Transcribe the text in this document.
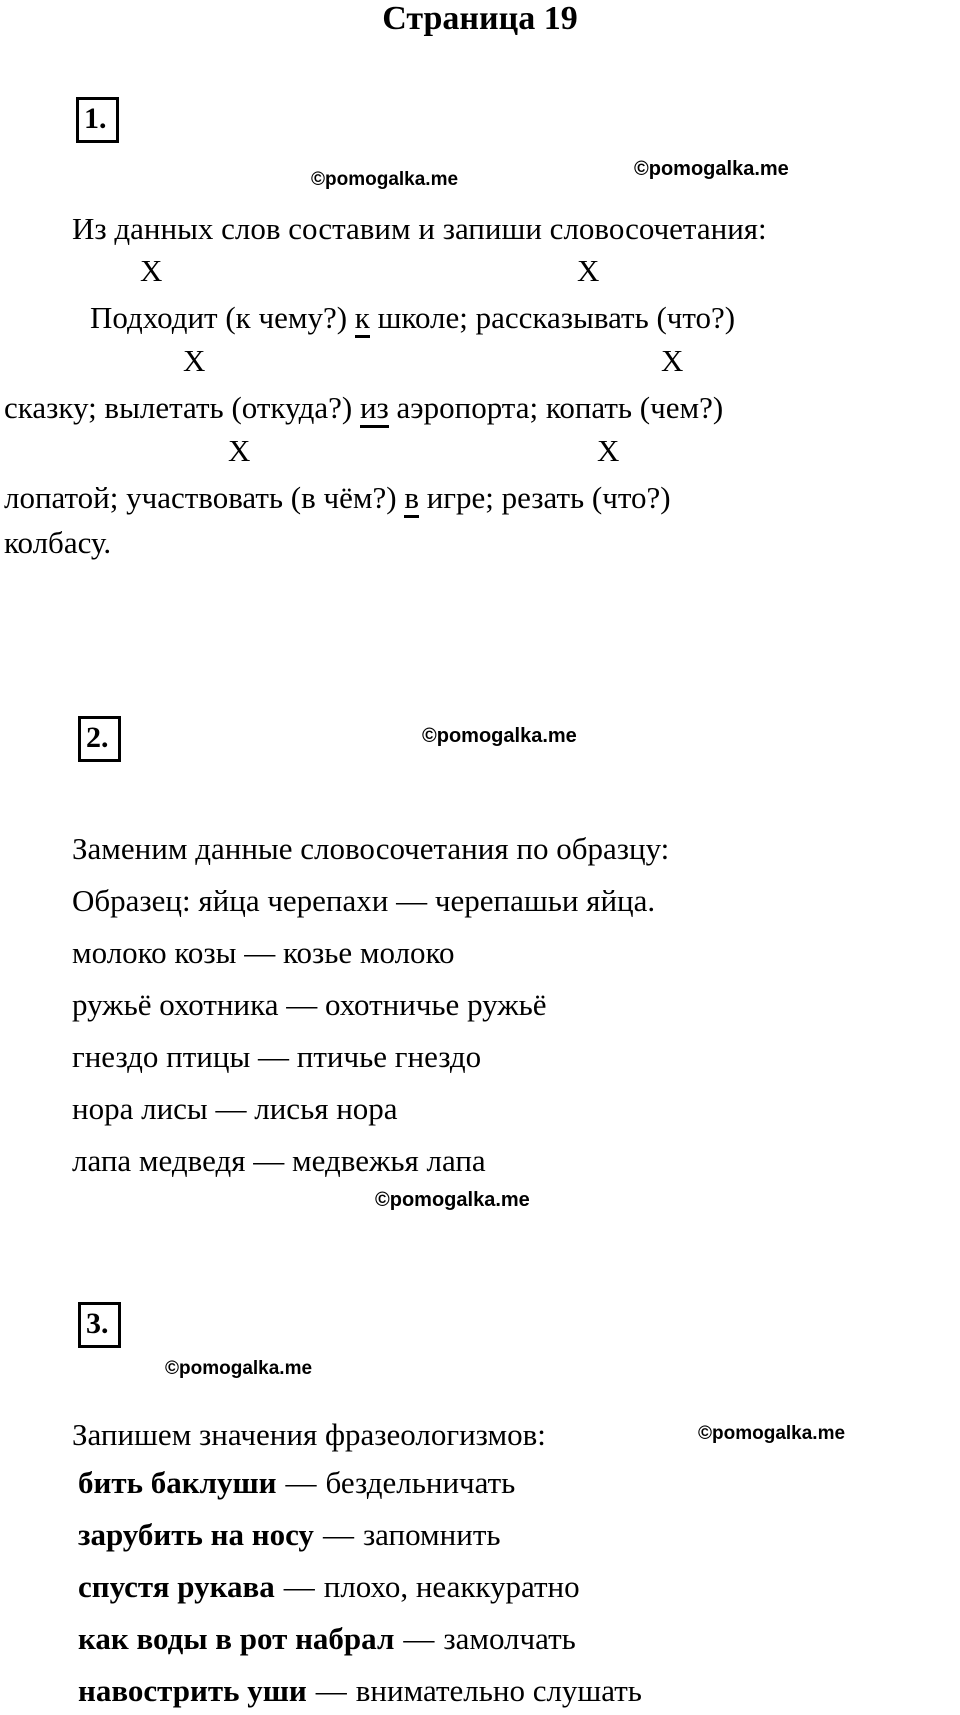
Страница 19
1.
©pomogalka.me	©pomogalka.me
Из данных слов составим и запиши словосочетания:
Х	Х
Подходит (к чему?) к школе; рассказывать (что?)
Х	Х
сказку; вылетать (откуда?) из аэропорта; копать (чем?)
Х	Х
лопатой; участвовать (в чём?) в игре; резать (что?)
колбасу.
2.	©pomogalka.me
Заменим данные словосочетания по образцу:
Образец: яйца черепахи — черепашьи яйца.
молоко козы — козье молоко
ружьё охотника — охотничье ружьё
гнездо птицы — птичье гнездо
нора лисы — лисья нора
лапа медведя — медвежья лапа
©pomogalka.me
3.
©pomogalka.me
Запишем значения фразеологизмов:	©pomogalka.me
бить баклуши — бездельничать
зарубить на носу — запомнить
спустя рукава — плохо, неаккуратно
как воды в рот набрал — замолчать
навострить уши — внимательно слушать
